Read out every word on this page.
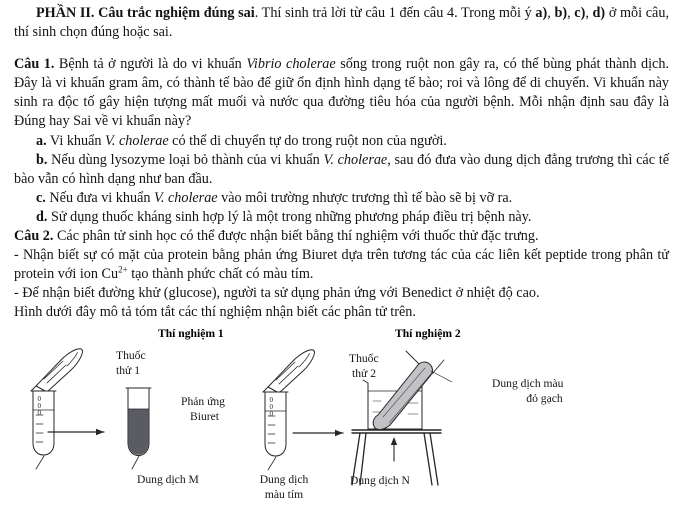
PHẦN II. Câu trắc nghiệm đúng sai. Thí sinh trả lời từ câu 1 đến câu 4. Trong mỗi ý a), b), c), d) ở mỗi câu, thí sinh chọn đúng hoặc sai.
Câu 1. Bệnh tả ở người là do vi khuẩn Vibrio cholerae sống trong ruột non gây ra, có thể bùng phát thành dịch. Đây là vi khuẩn gram âm, có thành tế bào để giữ ổn định hình dạng tế bào; roi và lông để di chuyển. Vi khuẩn này sinh ra độc tố gây hiện tượng mất muối và nước qua đường tiêu hóa của người bệnh. Mỗi nhận định sau đây là Đúng hay Sai về vi khuẩn này?
a. Vi khuẩn V. cholerae có thể di chuyển tự do trong ruột non của người.
b. Nếu dùng lysozyme loại bỏ thành của vi khuẩn V. cholerae, sau đó đưa vào dung dịch đẳng trương thì các tế bào vẫn có hình dạng như ban đầu.
c. Nếu đưa vi khuẩn V. cholerae vào môi trường nhược trương thì tế bào sẽ bị vỡ ra.
d. Sử dụng thuốc kháng sinh hợp lý là một trong những phương pháp điều trị bệnh này.
Câu 2. Các phân tử sinh học có thể được nhận biết bằng thí nghiệm với thuốc thử đặc trưng.
- Nhận biết sự có mặt của protein bằng phản ứng Biuret dựa trên tương tác của các liên kết peptide trong phân tử protein với ion $Cu^{2+}$ tạo thành phức chất có màu tím.
- Để nhận biết đường khử (glucose), người ta sử dụng phản ứng với Benedict ở nhiệt độ cao.
Hình dưới đây mô tả tóm tắt các thí nghiệm nhận biết các phân tử trên.
0
0
0
0
0
0
Thí nghiệm 1	Thí nghiệm 2
Thuốc
thử 1
Thuốc
thử 2
Phản ứng
Biuret
Dung dịch M	Dung dịch
màu tím
Dung dịch N
Dung dịch màu
đỏ gạch
